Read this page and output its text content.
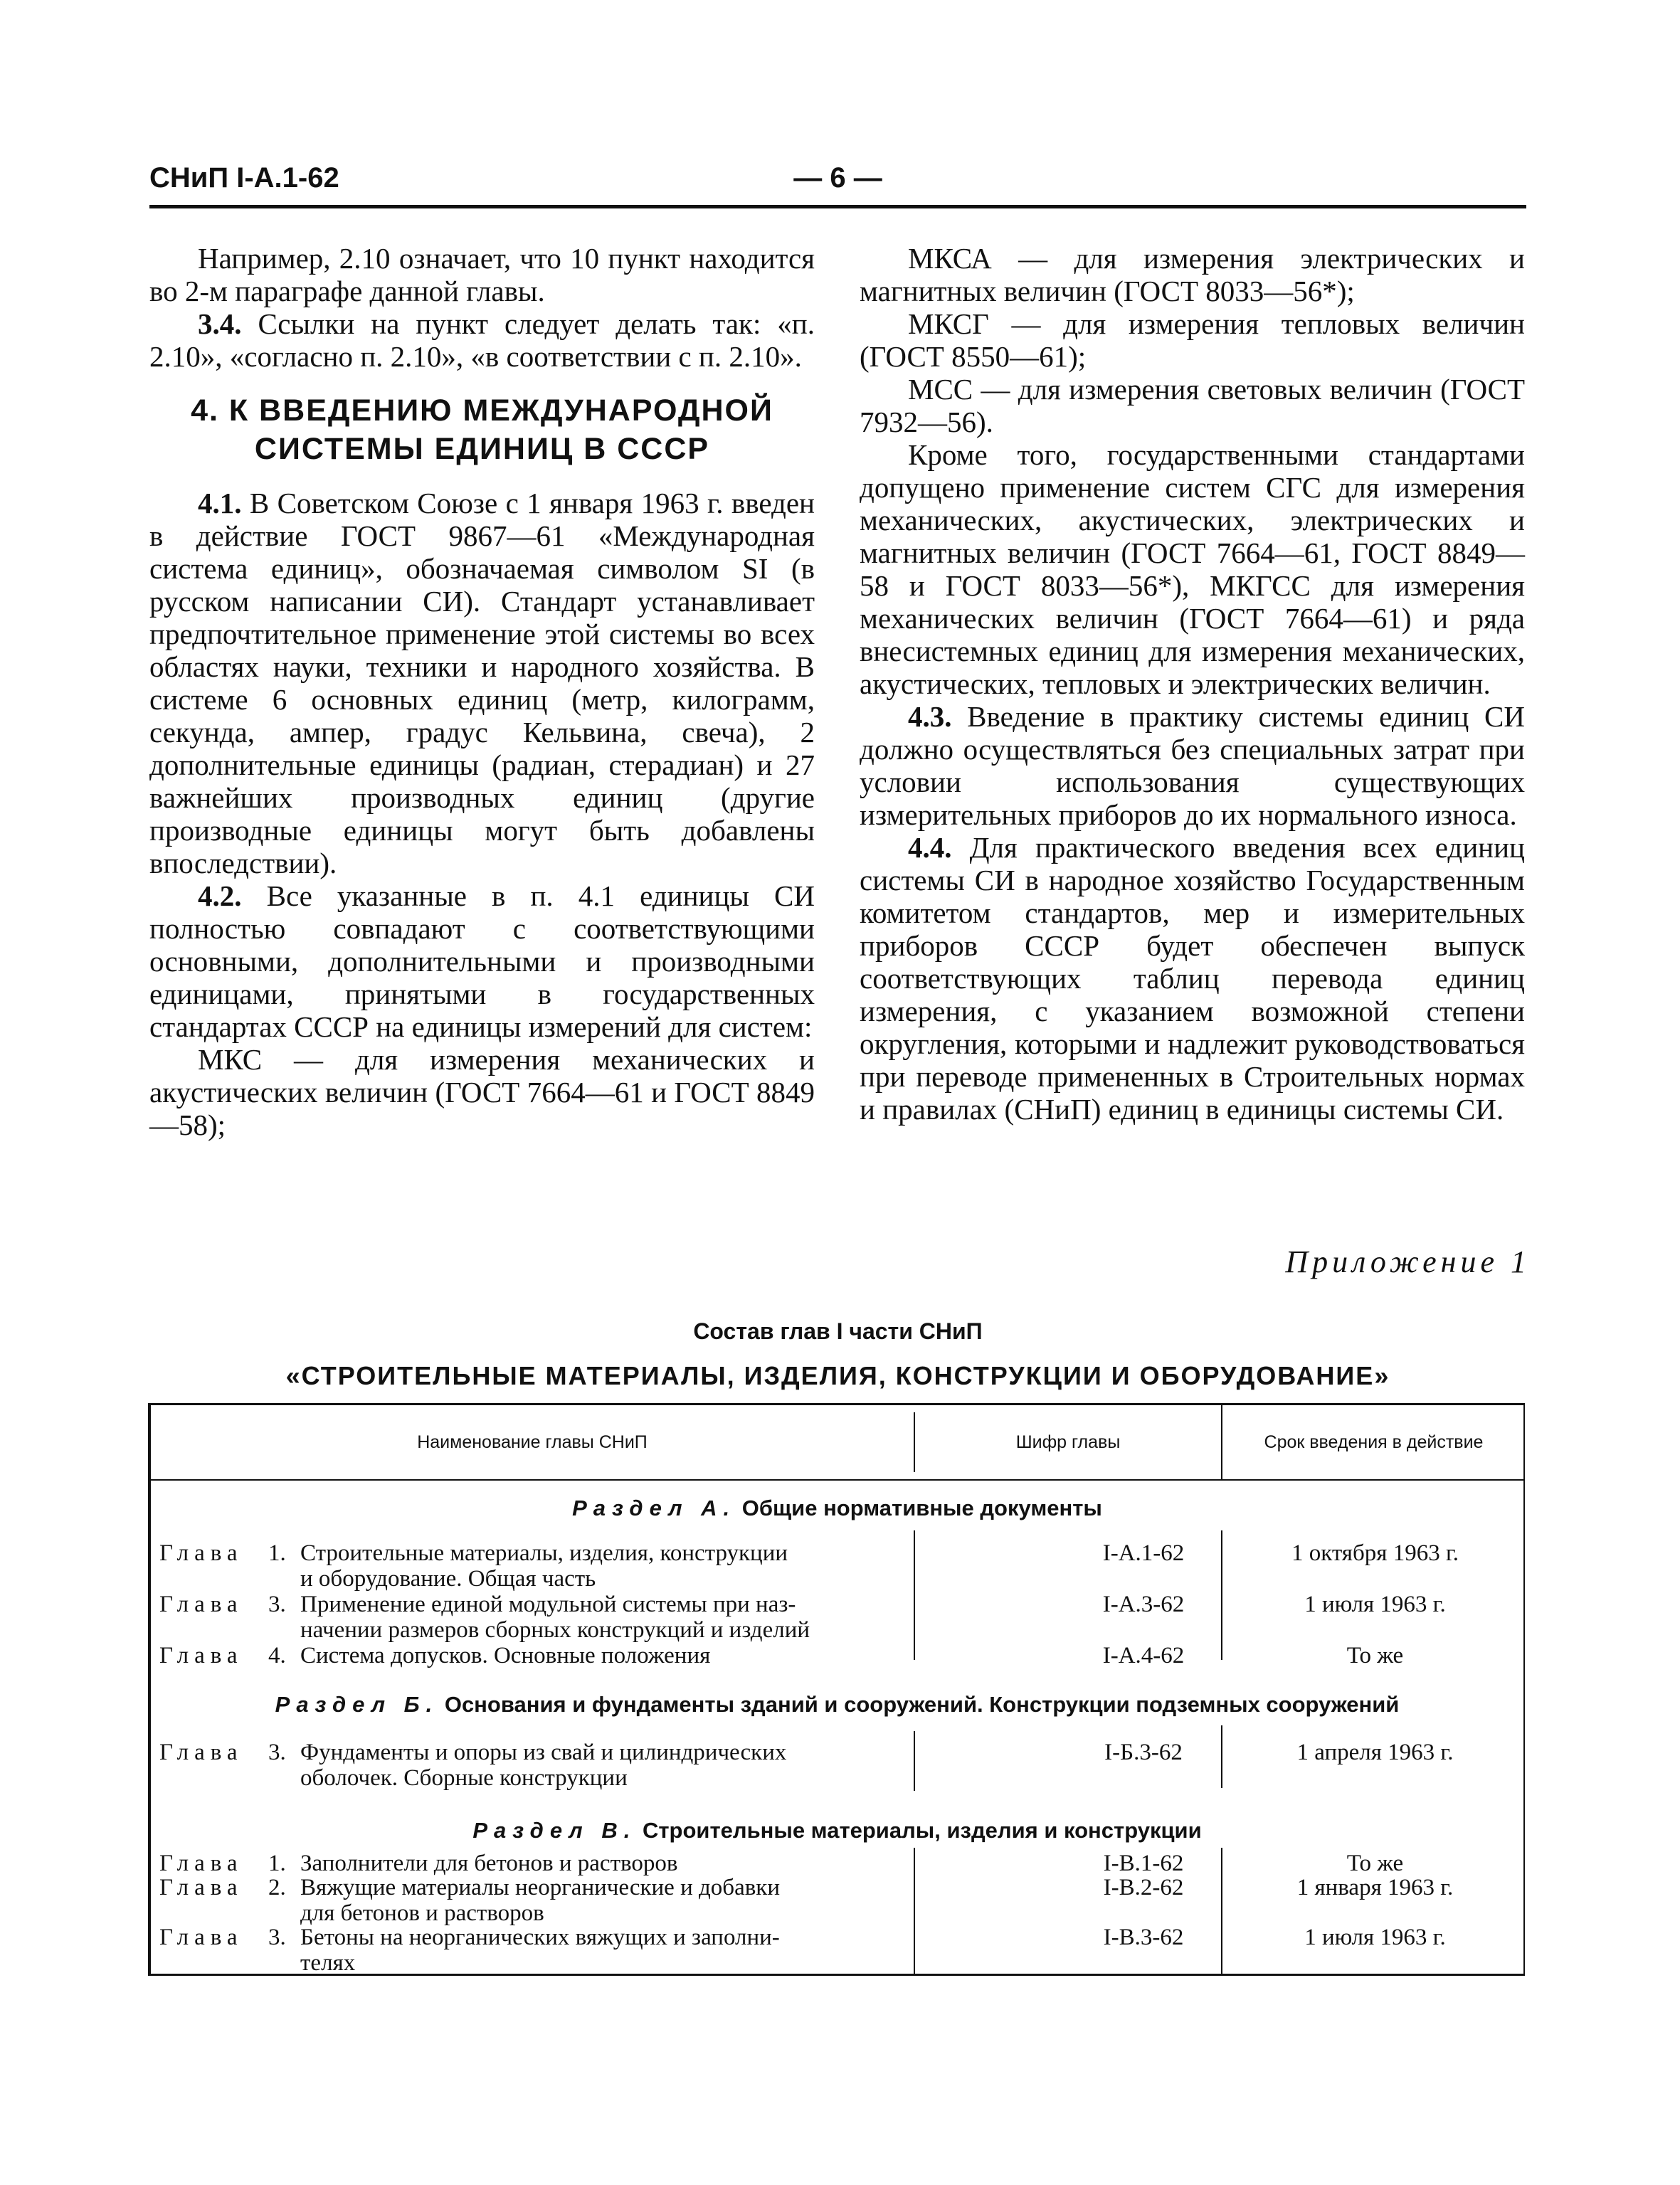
СНиП I-А.1-62	— 6 —

Например, 2.10 означает, что 10 пункт находится во 2-м параграфе данной главы.

3.4. Ссылки на пункт следует делать так: «п. 2.10», «согласно п. 2.10», «в соответствии с п. 2.10».

4. К ВВЕДЕНИЮ МЕЖДУНАРОДНОЙ
СИСТЕМЫ ЕДИНИЦ В СССР

4.1. В Советском Союзе с 1 января 1963 г. введен в действие ГОСТ 9867—61 «Международная система единиц», обозначаемая символом SI (в русском написании СИ). Стандарт устанавливает предпочтительное применение этой системы во всех областях науки, техники и народного хозяйства. В системе 6 основных единиц (метр, килограмм, секунда, ампер, градус Кельвина, свеча), 2 дополнительные единицы (радиан, стерадиан) и 27 важнейших производных единиц (другие производные единицы могут быть добавлены впоследствии).

4.2. Все указанные в п. 4.1 единицы СИ полностью совпадают с соответствующими основными, дополнительными и производными единицами, принятыми в государственных стандартах СССР на единицы измерений для систем:

МКС — для измерения механических и акустических величин (ГОСТ 7664—61 и ГОСТ 8849—58);

МКСА — для измерения электрических и магнитных величин (ГОСТ 8033—56*);

МКСГ — для измерения тепловых величин (ГОСТ 8550—61);

МСС — для измерения световых величин (ГОСТ 7932—56).

Кроме того, государственными стандартами допущено применение систем СГС для измерения механических, акустических, электрических и магнитных величин (ГОСТ 7664—61, ГОСТ 8849—58 и ГОСТ 8033—56*), МКГСС для измерения механических величин (ГОСТ 7664—61) и ряда внесистемных единиц для измерения механических, акустических, тепловых и электрических величин.

4.3. Введение в практику системы единиц СИ должно осуществляться без специальных затрат при условии использования существующих измерительных приборов до их нормального износа.

4.4. Для практического введения всех единиц системы СИ в народное хозяйство Государственным комитетом стандартов, мер и измерительных приборов СССР будет обеспечен выпуск соответствующих таблиц перевода единиц измерения, с указанием возможной степени округления, которыми и надлежит руководствоваться при переводе примененных в Строительных нормах и правилах (СНиП) единиц в единицы системы СИ.

Приложение 1
Состав глав I части СНиП
«СТРОИТЕЛЬНЫЕ МАТЕРИАЛЫ, ИЗДЕЛИЯ, КОНСТРУКЦИИ И ОБОРУДОВАНИЕ»
Наименование главы СНиП	Шифр главы	Срок введения в действие
Раздел А. Общие нормативные документы
Глава 1. Строительные материалы, изделия, конструкции
и оборудование. Общая часть
I-А.1-62	1 октября 1963 г.
Глава 3. Применение единой модульной системы при наз-
начении размеров сборных конструкций и изделий
I-А.3-62	1 июля 1963 г.
Глава 4. Система допусков. Основные положения	I-А.4-62	То же
Раздел Б. Основания и фундаменты зданий и сооружений. Конструкции подземных сооружений
Глава 3. Фундаменты и опоры из свай и цилиндрических
оболочек. Сборные конструкции
I-Б.3-62	1 апреля 1963 г.
Раздел В. Строительные материалы, изделия и конструкции
Глава 1. Заполнители для бетонов и растворов	I-В.1-62	То же
Глава 2. Вяжущие материалы неорганические и добавки
для бетонов и растворов
I-В.2-62	1 января 1963 г.
Глава 3. Бетоны на неорганических вяжущих и заполни-
телях
I-В.3-62	1 июля 1963 г.
